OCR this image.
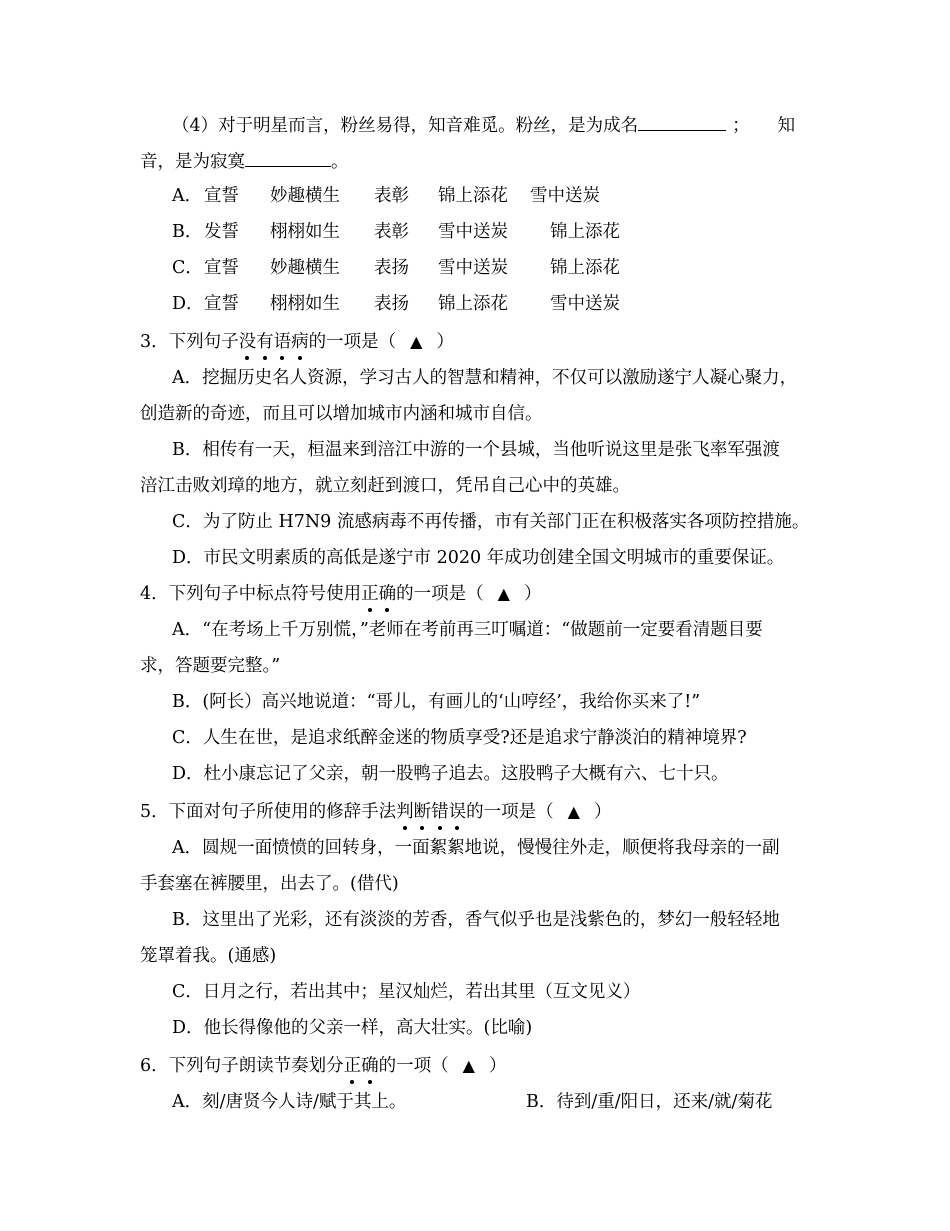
（4）对于明星而言，粉丝易得，知音难觅。粉丝，是为成名	； 知
音，是为寂寞	。
A． 宣誓 妙趣横生 表彰 锦上添花 雪中送炭
B． 发誓 栩栩如生 表彰 雪中送炭 锦上添花
C． 宣誓 妙趣横生 表扬 雪中送炭 锦上添花
D． 宣誓 栩栩如生 表扬 锦上添花 雪中送炭
3．下列句子没有语病的一项是（ ▲ ）
A．挖掘历史名人资源，学习古人的智慧和精神，不仅可以激励遂宁人凝心聚力，
创造新的奇迹，而且可以增加城市内涵和城市自信。
B．相传有一天，桓温来到涪江中游的一个县城，当他听说这里是张飞率军强渡
涪江击败刘璋的地方，就立刻赶到渡口，凭吊自己心中的英雄。
C．为了防止 H7N9 流感病毒不再传播，市有关部门正在积极落实各项防控措施。
D．市民文明素质的高低是遂宁市 2020 年成功创建全国文明城市的重要保证。
4．下列句子中标点符号使用正确的一项是（ ▲ ）
A．“在考场上千万别慌，”老师在考前再三叮嘱道：“做题前一定要看清题目要
求，答题要完整。”
B．(阿长）高兴地说道：“哥儿，有画儿的‘山哼经’，我给你买来了!”
C．人生在世，是追求纸醉金迷的物质享受?还是追求宁静淡泊的精神境界?
D．杜小康忘记了父亲，朝一股鸭子追去。这股鸭子大概有六、七十只。
5．下面对句子所使用的修辞手法判断错误的一项是（ ▲ ）
A．圆规一面愤愤的回转身，一面絮絮地说，慢慢往外走，顺便将我母亲的一副
手套塞在裤腰里，出去了。(借代)
B．这里出了光彩，还有淡淡的芳香，香气似乎也是浅紫色的，梦幻一般轻轻地
笼罩着我。(通感)
C．日月之行，若出其中；星汉灿烂，若出其里（互文见义）
D．他长得像他的父亲一样，高大壮实。(比喻)
6．下列句子朗读节奏划分正确的一项（ ▲ ）
A．刻/唐贤今人诗/赋于其上。	B．待到/重/阳日，还来/就/菊花
